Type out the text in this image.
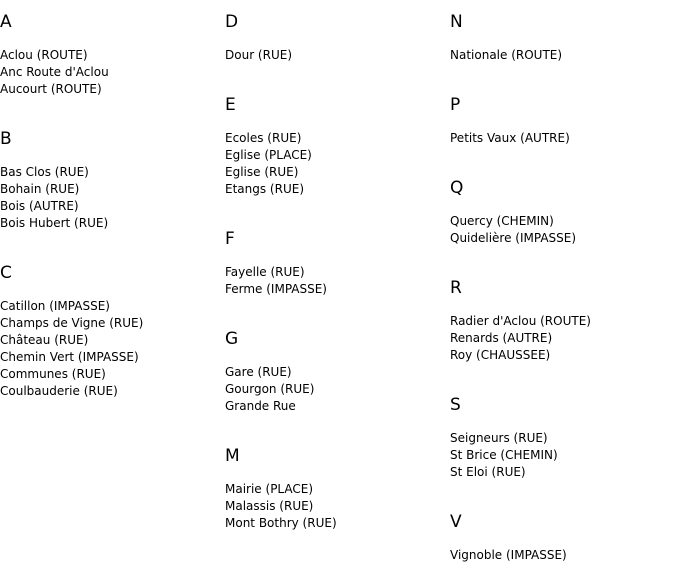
A
Aclou (ROUTE)
Anc Route d'Aclou
Aucourt (ROUTE)
B
Bas Clos (RUE)
Bohain (RUE)
Bois (AUTRE)
Bois Hubert (RUE)
C
Catillon (IMPASSE)
Champs de Vigne (RUE)
Château (RUE)
Chemin Vert (IMPASSE)
Communes (RUE)
Coulbauderie (RUE)
D
Dour (RUE)
E
Ecoles (RUE)
Eglise (PLACE)
Eglise (RUE)
Etangs (RUE)
F
Fayelle (RUE)
Ferme (IMPASSE)
G
Gare (RUE)
Gourgon (RUE)
Grande Rue
M
Mairie (PLACE)
Malassis (RUE)
Mont Bothry (RUE)
N
Nationale (ROUTE)
P
Petits Vaux (AUTRE)
Q
Quercy (CHEMIN)
Quidelière (IMPASSE)
R
Radier d'Aclou (ROUTE)
Renards (AUTRE)
Roy (CHAUSSEE)
S
Seigneurs (RUE)
St Brice (CHEMIN)
St Eloi (RUE)
V
Vignoble (IMPASSE)
